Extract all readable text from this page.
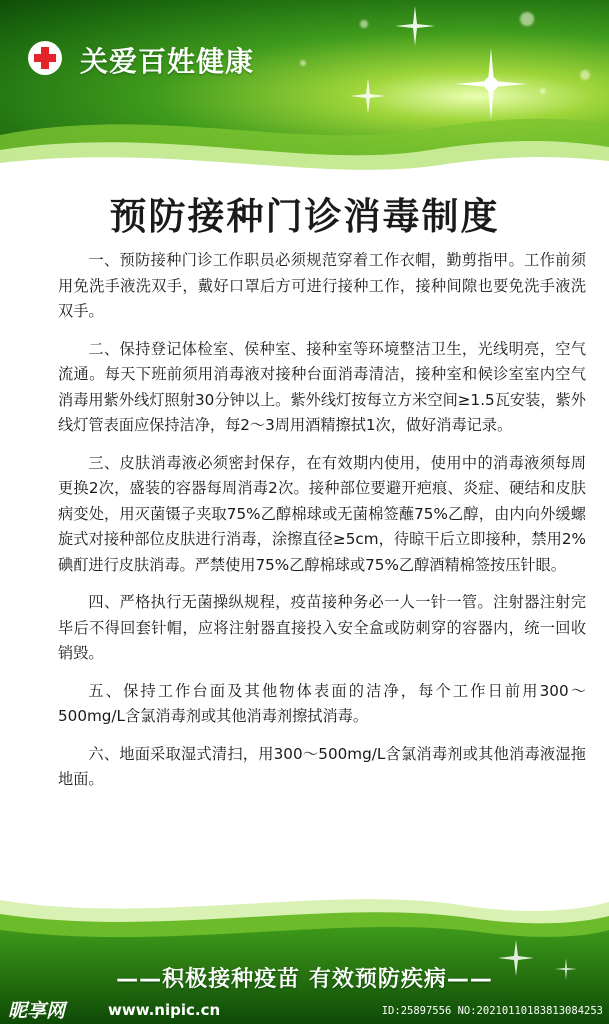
关爱百姓健康
预防接种门诊消毒制度

一、预防接种门诊工作职员必须规范穿着工作衣帽，勤剪指甲。工作前须用免洗手液洗双手，戴好口罩后方可进行接种工作，接种间隙也要免洗手液洗双手。

二、保持登记体检室、侯种室、接种室等环境整洁卫生，光线明亮，空气流通。每天下班前须用消毒液对接种台面消毒清洁，接种室和候诊室室内空气消毒用紫外线灯照射30分钟以上。紫外线灯按每立方米空间≥1.5瓦安装，紫外线灯管表面应保持洁净，每2～3周用酒精擦拭1次，做好消毒记录。

三、皮肤消毒液必须密封保存，在有效期内使用，使用中的消毒液须每周更换2次，盛装的容器每周消毒2次。接种部位要避开疤痕、炎症、硬结和皮肤病变处，用灭菌镊子夹取75%乙醇棉球或无菌棉签蘸75%乙醇，由内向外缓螺旋式对接种部位皮肤进行消毒，涂擦直径≥5cm，待晾干后立即接种，禁用2%碘酊进行皮肤消毒。严禁使用75%乙醇棉球或75%乙醇酒精棉签按压针眼。

四、严格执行无菌操纵规程，疫苗接种务必一人一针一管。注射器注射完毕后不得回套针帽，应将注射器直接投入安全盒或防刺穿的容器内，统一回收销毁。

五、保持工作台面及其他物体表面的洁净，每个工作日前用300～500mg/L含氯消毒剂或其他消毒剂擦拭消毒。

六、地面采取湿式清扫，用300～500mg/L含氯消毒剂或其他消毒液湿拖地面。

——积极接种疫苗 有效预防疾病——
昵享网	www.nipic.cn	ID:25897556 NO:20210110183813084253
